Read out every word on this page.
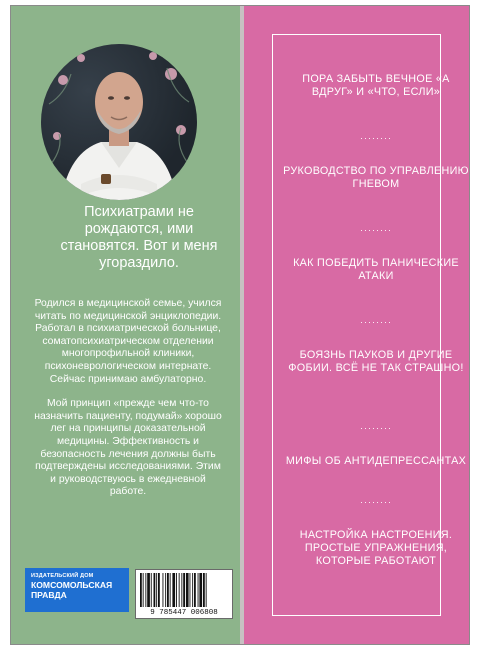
Психиатрами не рождаются, ими становятся. Вот и меня угораздило.

Родился в медицинской семье, учился читать по медицинской энциклопедии. Работал в психиатрической больнице, соматопсихиатрическом отделении многопрофильной клиники, психоневрологическом интернате. Сейчас принимаю амбулаторно.

Мой принцип «прежде чем что-то назначить пациенту, подумай» хорошо лег на принципы доказательной медицины. Эффективность и безопасность лечения должны быть подтверждены исследованиями. Этим и руководствуюсь в ежедневной работе.

ИЗДАТЕЛЬСКИЙ ДОМ
КОМСОМОЛЬСКАЯ
ПРАВДА
9 785447 006808
ПОРА ЗАБЫТЬ ВЕЧНОЕ «А ВДРУГ» И «ЧТО, ЕСЛИ»
········
РУКОВОДСТВО ПО УПРАВЛЕНИЮ ГНЕВОМ
········
КАК ПОБЕДИТЬ ПАНИЧЕСКИЕ АТАКИ
········
БОЯЗНЬ ПАУКОВ И ДРУГИЕ ФОБИИ. ВСЁ НЕ ТАК СТРАШНО!
········
МИФЫ ОБ АНТИДЕПРЕССАНТАХ
········
НАСТРОЙКА НАСТРОЕНИЯ. ПРОСТЫЕ УПРАЖНЕНИЯ, КОТОРЫЕ РАБОТАЮТ
